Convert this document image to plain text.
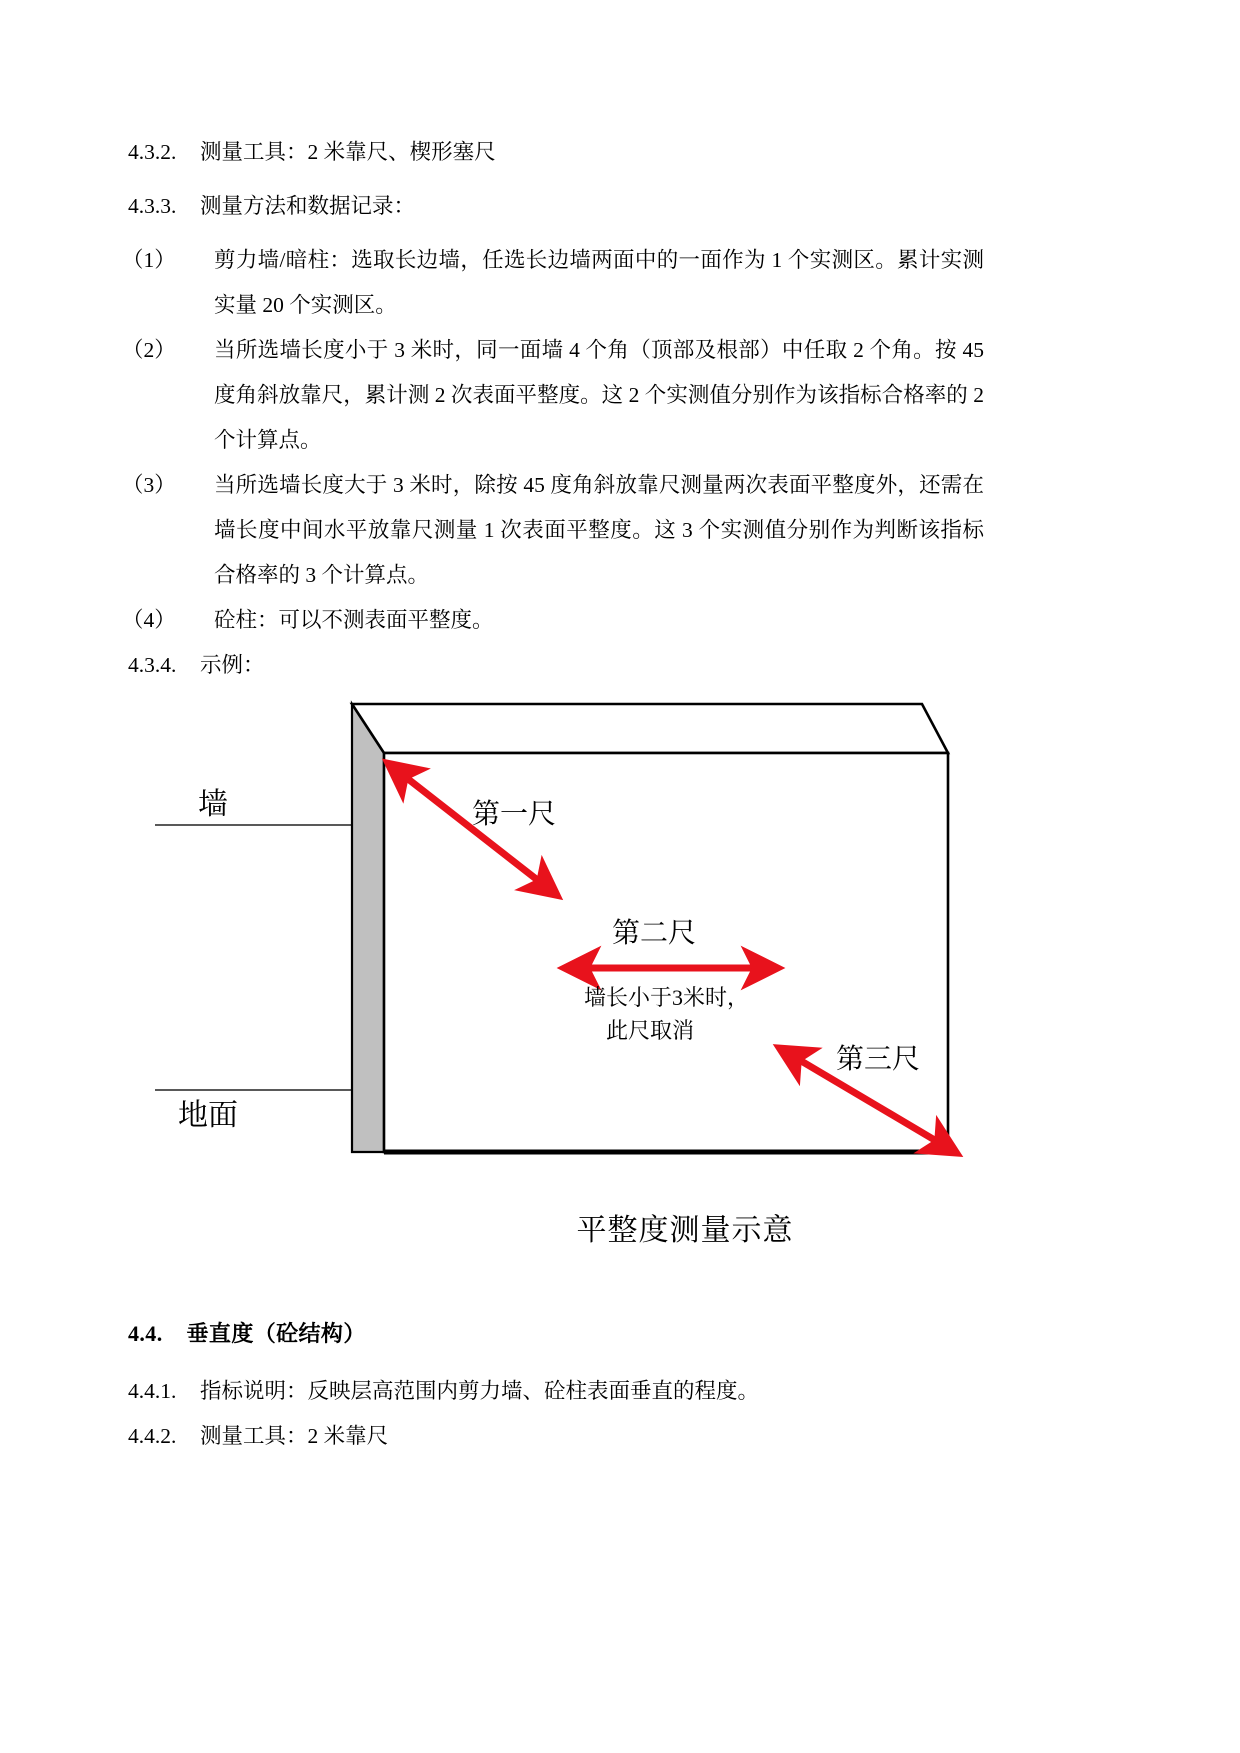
4.3.2.	测量工具：2 米靠尺、楔形塞尺
4.3.3.	测量方法和数据记录：
（1）	剪力墙/暗柱：选取长边墙，任选长边墙两面中的一面作为 1 个实测区。累计实测实量 20 个实测区。
（2）	当所选墙长度小于 3 米时，同一面墙 4 个角（顶部及根部）中任取 2 个角。按 45 度角斜放靠尺，累计测 2 次表面平整度。这 2 个实测值分别作为该指标合格率的 2 个计算点。
（3）	当所选墙长度大于 3 米时，除按 45 度角斜放靠尺测量两次表面平整度外，还需在墙长度中间水平放靠尺测量 1 次表面平整度。这 3 个实测值分别作为判断该指标合格率的 3 个计算点。
（4）	砼柱：可以不测表面平整度。
4.3.4.	示例：
墙
地面
第一尺
第二尺
第三尺
墙长小于3米时，
此尺取消
平整度测量示意
4.4. 垂直度（砼结构）
4.4.1. 指标说明：反映层高范围内剪力墙、砼柱表面垂直的程度。
4.4.2. 测量工具：2 米靠尺
